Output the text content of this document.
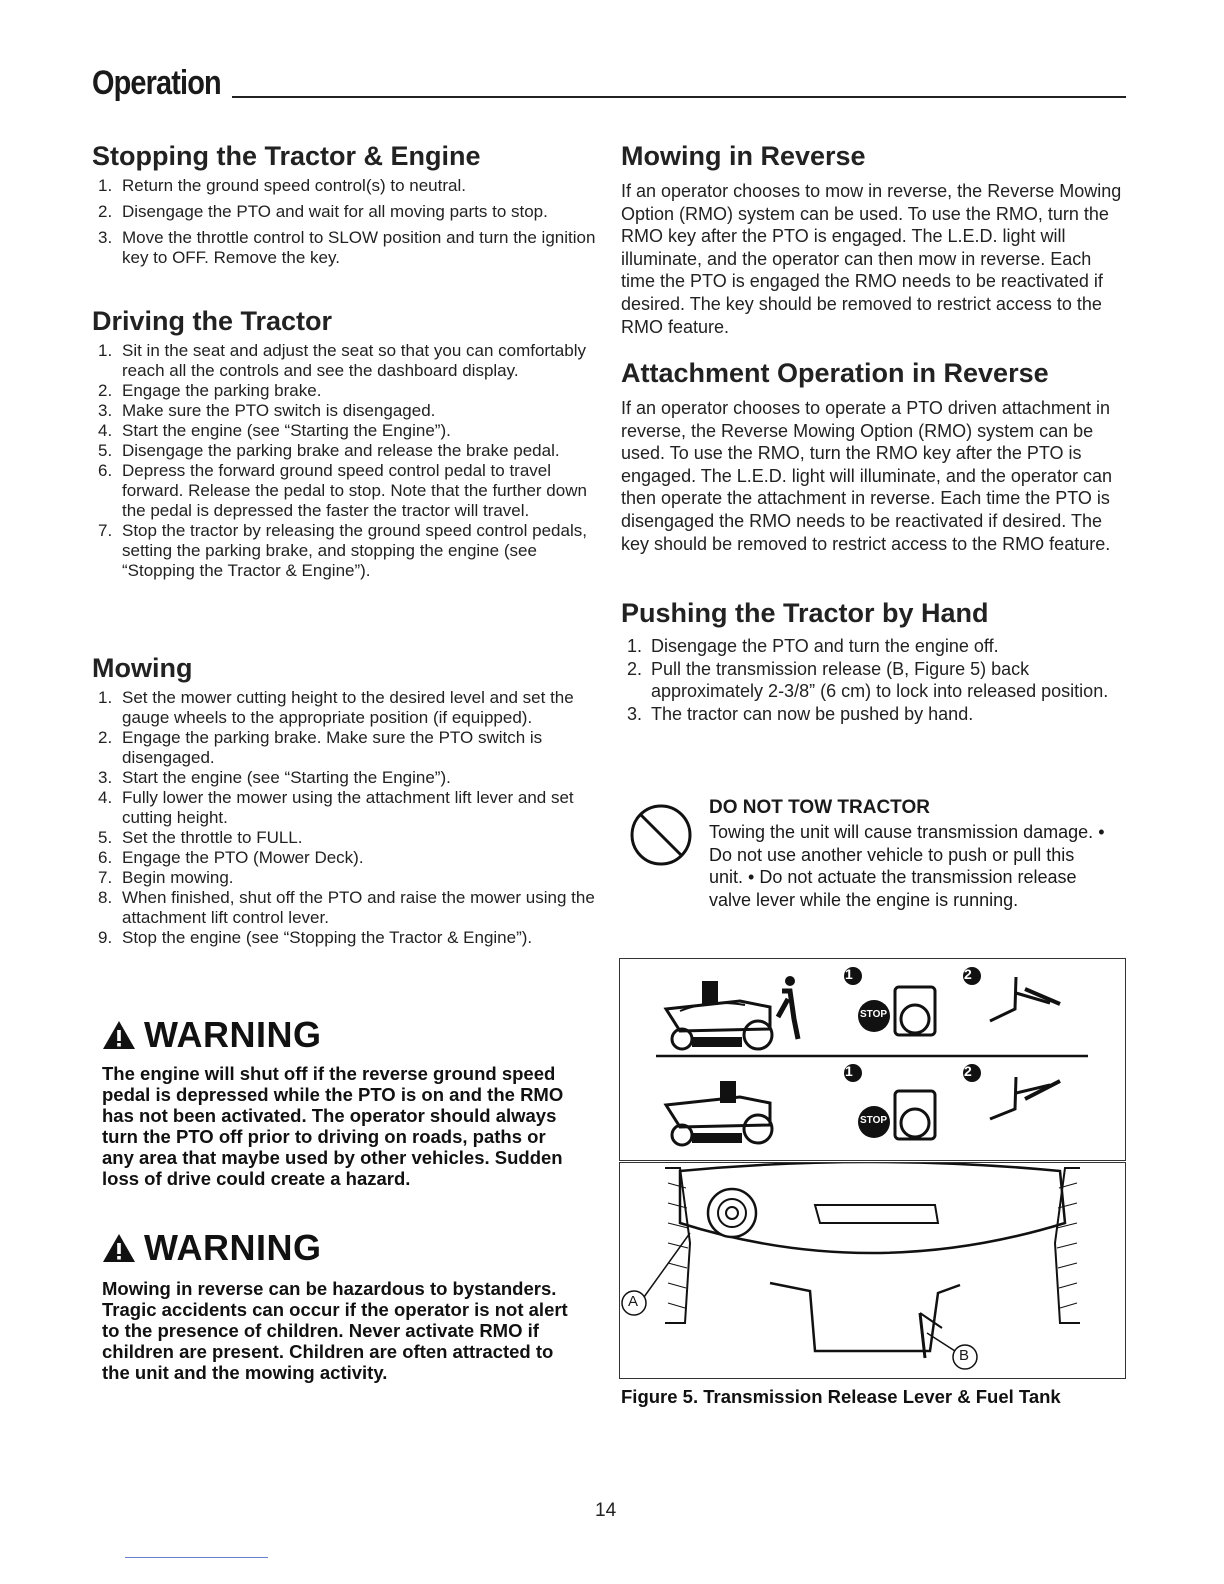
Operation
Stopping the Tractor & Engine
1. Return the ground speed control(s) to neutral.
2. Disengage the PTO and wait for all moving parts to stop.
3. Move the throttle control to SLOW position and turn the ignition key to OFF. Remove the key.
Driving the Tractor
1. Sit in the seat and adjust the seat so that you can comfortably reach all the controls and see the dashboard display.
2. Engage the parking brake.
3. Make sure the PTO switch is disengaged.
4. Start the engine (see “Starting the Engine”).
5. Disengage the parking brake and release the brake pedal.
6. Depress the forward ground speed control pedal to travel forward. Release the pedal to stop. Note that the further down the pedal is depressed the faster the tractor will travel.
7. Stop the tractor by releasing the ground speed control pedals, setting the parking brake, and stopping the engine (see “Stopping the Tractor & Engine”).
Mowing
1. Set the mower cutting height to the desired level and set the gauge wheels to the appropriate position (if equipped).
2. Engage the parking brake. Make sure the PTO switch is disengaged.
3. Start the engine (see “Starting the Engine”).
4. Fully lower the mower using the attachment lift lever and set cutting height.
5. Set the throttle to FULL.
6. Engage the PTO (Mower Deck).
7. Begin mowing.
8. When finished, shut off the PTO and raise the mower using the attachment lift control lever.
9. Stop the engine (see “Stopping the Tractor & Engine”).
WARNING
The engine will shut off if the reverse ground speed pedal is depressed while the PTO is on and the RMO has not been activated. The operator should always turn the PTO off prior to driving on roads, paths or any area that maybe used by other vehicles. Sudden loss of drive could create a hazard.
WARNING
Mowing in reverse can be hazardous to bystanders. Tragic accidents can occur if the operator is not alert to the presence of children. Never activate RMO if children are present. Children are often attracted to the unit and the mowing activity.
Mowing in Reverse

If an operator chooses to mow in reverse, the Reverse Mowing Option (RMO) system can be used. To use the RMO, turn the RMO key after the PTO is engaged. The L.E.D. light will illuminate, and the operator can then mow in reverse. Each time the PTO is engaged the RMO needs to be reactivated if desired. The key should be removed to restrict access to the RMO feature.

Attachment Operation in Reverse

If an operator chooses to operate a PTO driven attachment in reverse, the Reverse Mowing Option (RMO) system can be used. To use the RMO, turn the RMO key after the PTO is engaged. The L.E.D. light will illuminate, and the operator can then operate the attachment in reverse. Each time the PTO is disengaged the RMO needs to be reactivated if desired. The key should be removed to restrict access to the RMO feature.

Pushing the Tractor by Hand
1. Disengage the PTO and turn the engine off.
2. Pull the transmission release (B, Figure 5) back approximately 2-3/8” (6 cm) to lock into released position.
3. The tractor can now be pushed by hand.
DO NOT TOW TRACTOR
Towing the unit will cause transmission damage. • Do not use another vehicle to push or pull this unit. • Do not actuate the transmission release valve lever while the engine is running.
1
1
2
2
STOP
STOP
A
B
Figure 5. Transmission Release Lever & Fuel Tank
14
